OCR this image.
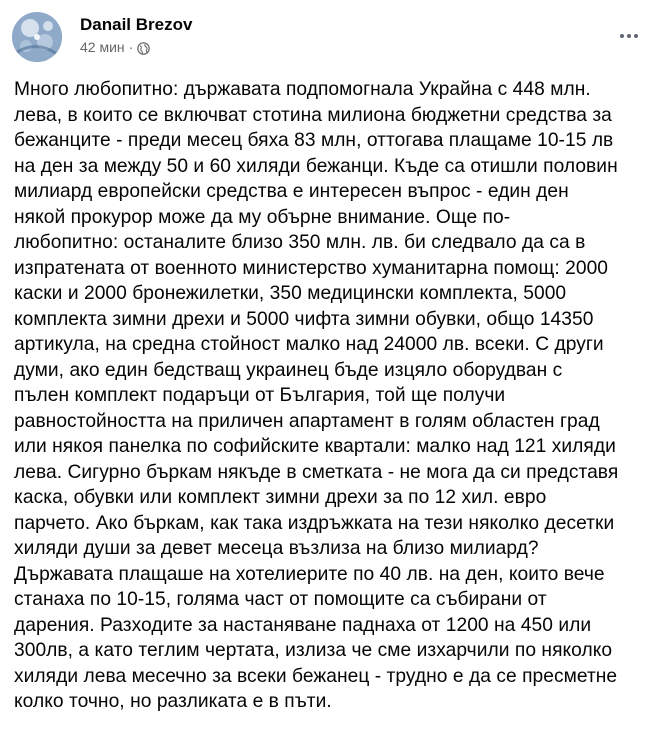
Danail Brezov
42 мин ·
Много любопитно: държавата подпомогнала Украйна с 448 млн.
лева, в които се включват стотина милиона бюджетни средства за
бежанците - преди месец бяха 83 млн, оттогава плащаме 10-15 лв
на ден за между 50 и 60 хиляди бежанци. Къде са отишли половин
милиард европейски средства е интересен въпрос - един ден
някой прокурор може да му обърне внимание. Още по-
любопитно: останалите близо 350 млн. лв. би следвало да са в
изпратената от военното министерство хуманитарна помощ: 2000
каски и 2000 бронежилетки, 350 медицински комплекта, 5000
комплекта зимни дрехи и 5000 чифта зимни обувки, общо 14350
артикула, на средна стойност малко над 24000 лв. всеки. С други
думи, ако един бедстващ украинец бъде изцяло оборудван с
пълен комплект подаръци от България, той ще получи
равностойността на приличен апартамент в голям областен град
или някоя панелка по софийските квартали: малко над 121 хиляди
лева. Сигурно бъркам някъде в сметката - не мога да си представя
каска, обувки или комплект зимни дрехи за по 12 хил. евро
парчето. Ако бъркам, как така издръжката на тези няколко десетки
хиляди души за девет месеца възлиза на близо милиард?
Държавата плащаше на хотелиерите по 40 лв. на ден, които вече
станаха по 10-15, голяма част от помощите са събирани от
дарения. Разходите за настаняване паднаха от 1200 на 450 или
300лв, а като теглим чертата, излиза че сме изхарчили по няколко
хиляди лева месечно за всеки бежанец - трудно е да се пресметне
колко точно, но разликата е в пъти.
